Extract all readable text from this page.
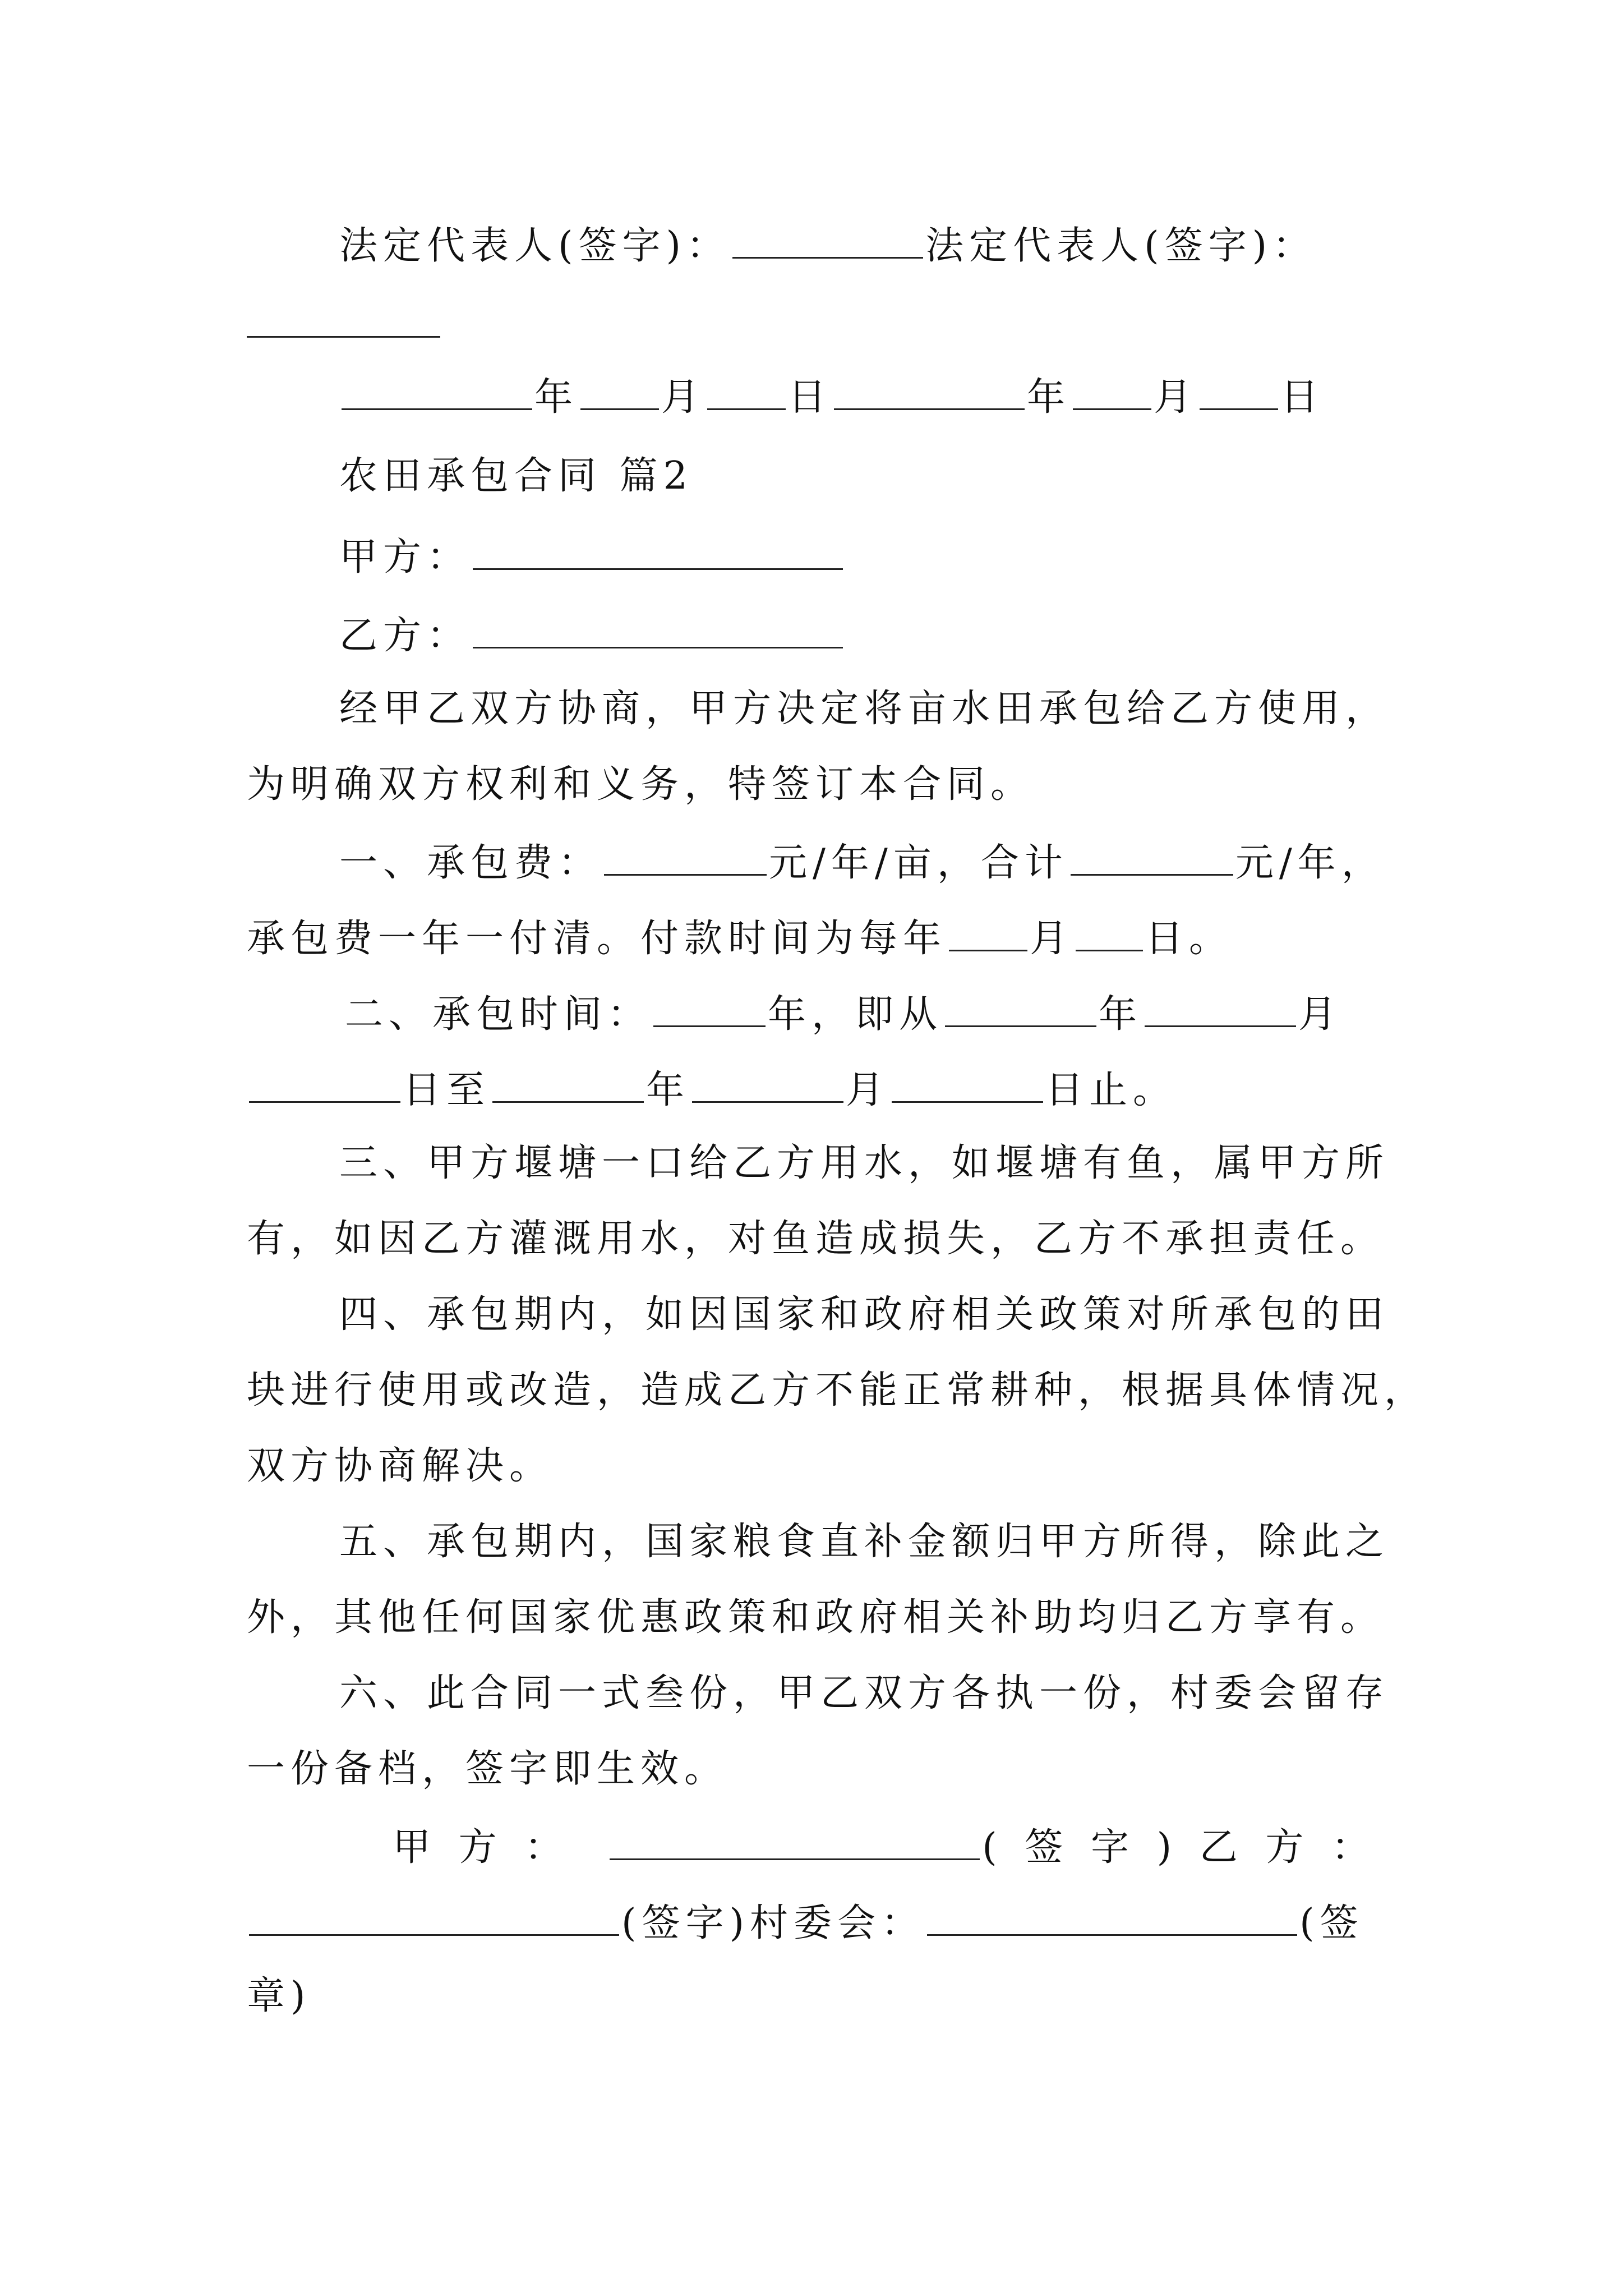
法定代表人(签字)：	法定代表人(签字)：
年 月 日	年 月 日
农田承包合同 篇2
甲方：
乙方：
经甲乙双方协商，甲方决定将亩水田承包给乙方使用，
为明确双方权利和义务，特签订本合同。
一、承包费：	元/年/亩，合计	元/年，
承包费一年一付清。付款时间为每年 月 日。
二、承包时间：	年，即从	年	月
日至	年	月	日止。
三、甲方堰塘一口给乙方用水，如堰塘有鱼，属甲方所
有，如因乙方灌溉用水，对鱼造成损失，乙方不承担责任。
四、承包期内，如因国家和政府相关政策对所承包的田
块进行使用或改造，造成乙方不能正常耕种，根据具体情况，
双方协商解决。
五、承包期内，国家粮食直补金额归甲方所得，除此之
外，其他任何国家优惠政策和政府相关补助均归乙方享有。
六、此合同一式叁份，甲乙双方各执一份，村委会留存
一份备档，签字即生效。
甲 方 ：	( 签 字 ) 乙 方 ：
(签字)村委会：	(签
章)
